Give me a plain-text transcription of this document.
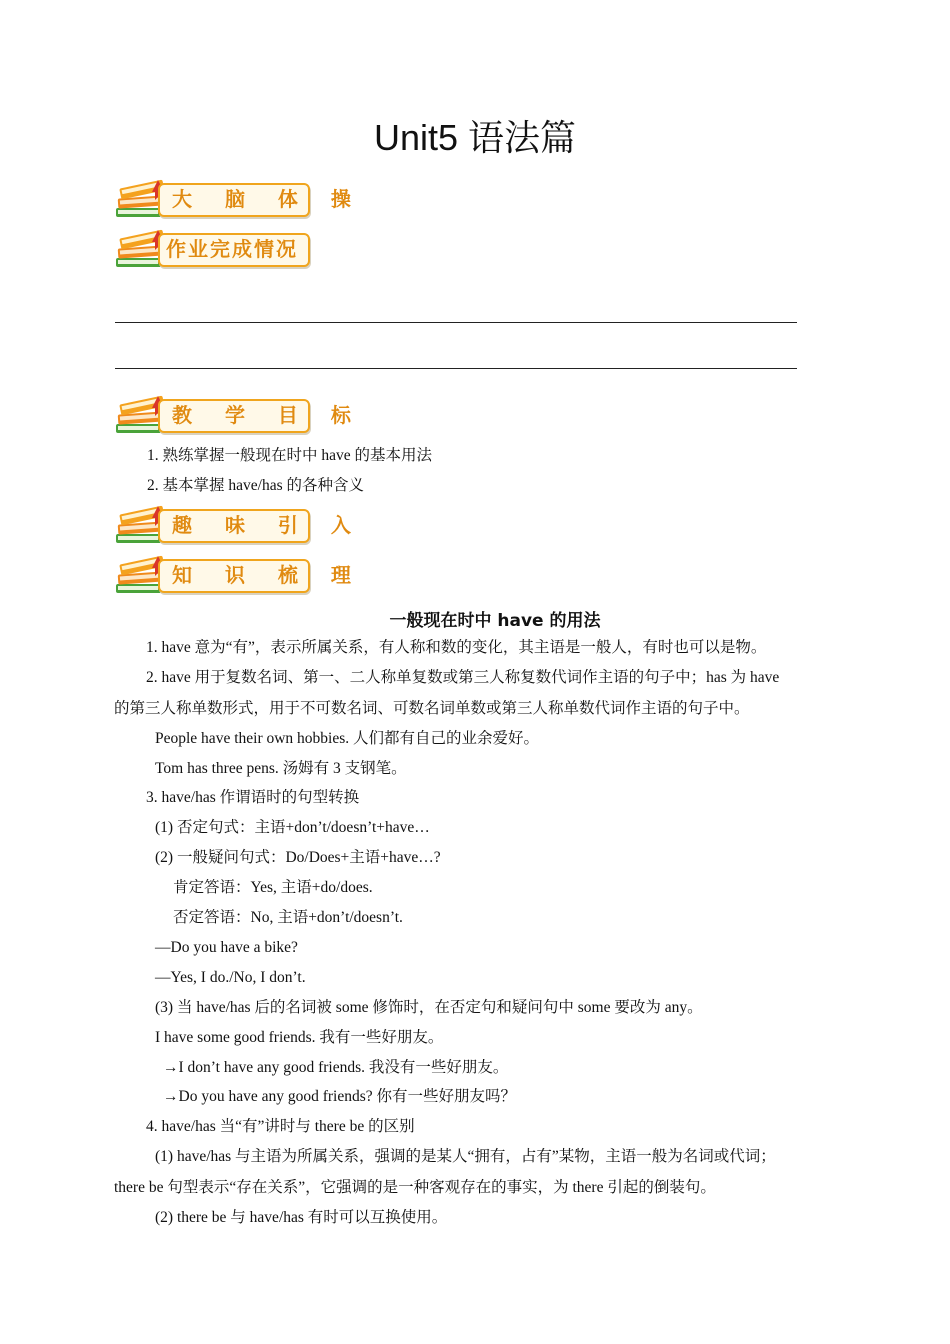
Unit5 语法篇
大 脑 体 操
作业完成情况
教 学 目 标
1. 熟练掌握一般现在时中 have 的基本用法
2. 基本掌握 have/has 的各种含义
趣 味 引 入
知 识 梳 理
一般现在时中 have 的用法
1. have 意为“有”，表示所属关系，有人称和数的变化，其主语是一般人，有时也可以是物。
2. have 用于复数名词、第一、二人称单复数或第三人称复数代词作主语的句子中；has 为 have
的第三人称单数形式，用于不可数名词、可数名词单数或第三人称单数代词作主语的句子中。
People have their own hobbies. 人们都有自己的业余爱好。
Tom has three pens. 汤姆有 3 支钢笔。
3. have/has 作谓语时的句型转换
(1) 否定句式：主语+don’t/doesn’t+have…
(2) 一般疑问句式：Do/Does+主语+have…?
肯定答语：Yes, 主语+do/does.
否定答语：No, 主语+don’t/doesn’t.
—Do you have a bike?
—Yes, I do./No, I don’t.
(3) 当 have/has 后的名词被 some 修饰时，在否定句和疑问句中 some 要改为 any。
I have some good friends. 我有一些好朋友。
→I don’t have any good friends. 我没有一些好朋友。
→Do you have any good friends? 你有一些好朋友吗？
4. have/has 当“有”讲时与 there be 的区别
(1) have/has 与主语为所属关系，强调的是某人“拥有，占有”某物，主语一般为名词或代词；
there be 句型表示“存在关系”，它强调的是一种客观存在的事实，为 there 引起的倒装句。
(2) there be 与 have/has 有时可以互换使用。
